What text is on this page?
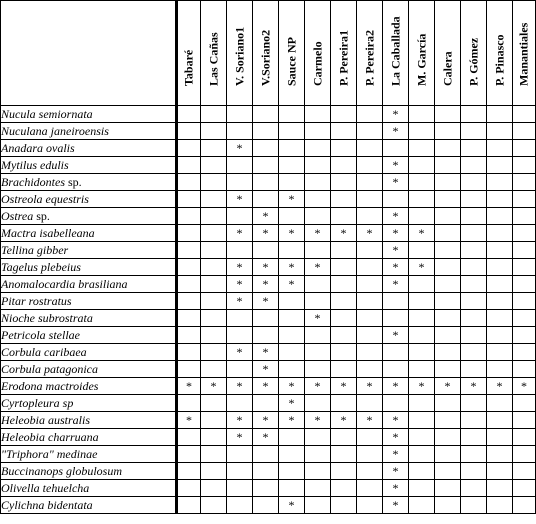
	Tabaré	Las Cañas	V. Soriano1	V.Soriano2	Sauce NP	Carmelo	P. Pereira1	P. Pereira2	La Caballada	M. García	Calera	P. Gómez	P. Pinasco	Manantiales

Nucula semiornata									*					
Nuculana janeiroensis									*					
Anadara ovalis			*											
Mytilus edulis									*					
Brachidontes sp.									*					
Ostreola equestris			*		*									
Ostrea sp.				*					*					
Mactra isabelleana			*	*	*	*	*	*	*	*				
Tellina gibber									*					
Tagelus plebeius			*	*	*	*			*	*				
Anomalocardia brasiliana			*	*	*				*					
Pitar rostratus			*	*										
Nioche subrostrata						*								
Petricola stellae									*					
Corbula caribaea			*	*										
Corbula patagonica				*										
Erodona mactroides	*	*	*	*	*	*	*	*	*	*	*	*	*	*
Cyrtopleura sp					*									
Heleobia australis	*		*	*	*	*	*	*	*					
Heleobia charruana			*	*					*					
"Triphora" medinae									*					
Buccinanops globulosum									*					
Olivella tehuelcha									*					
Cylichna bidentata					*				*					
